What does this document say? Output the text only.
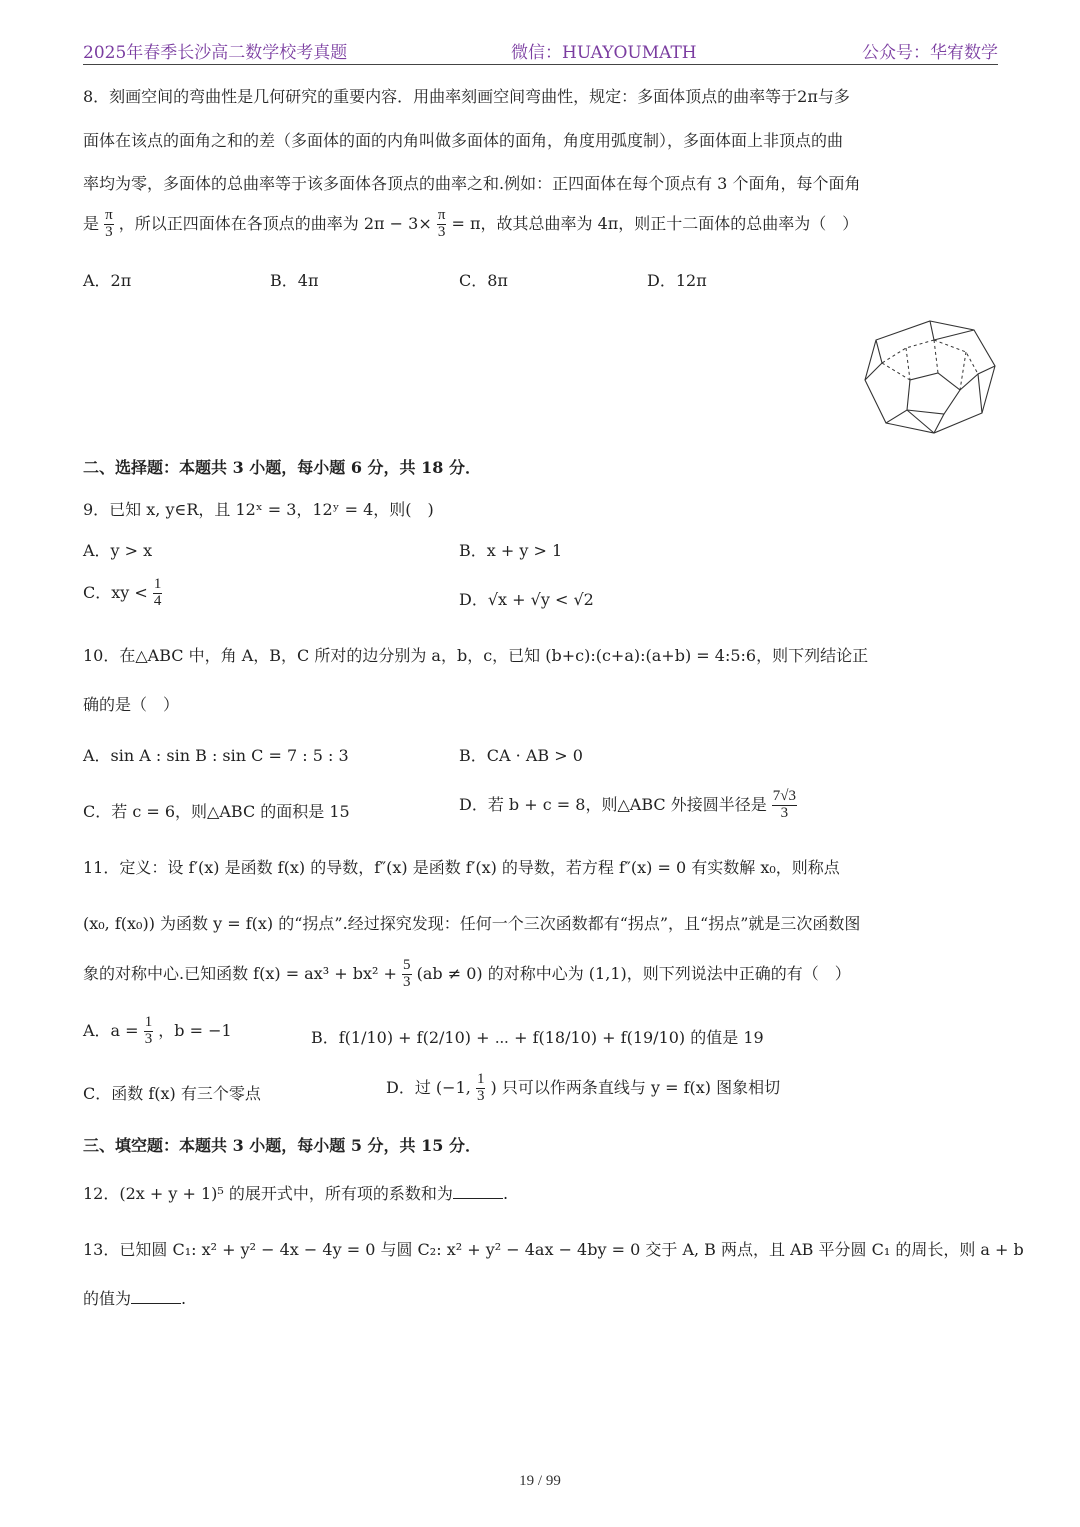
2025年春季长沙高二数学校考真题	微信：HUAYOUMATH	公众号：华宥数学
8．刻画空间的弯曲性是几何研究的重要内容．用曲率刻画空间弯曲性，规定：多面体顶点的曲率等于2π与多
面体在该点的面角之和的差（多面体的面的内角叫做多面体的面角，角度用弧度制），多面体面上非顶点的曲
率均为零，多面体的总曲率等于该多面体各顶点的曲率之和.例如：正四面体在每个顶点有 3 个面角，每个面角
是 $\frac{\pi}{3}$ ，所以正四面体在各顶点的曲率为 $2\pi - 3\times \frac{\pi}{3} = \pi$，故其总曲率为 4π，则正十二面体的总曲率为（　）
A．2π	B．4π	C．8π	D．12π
二、选择题：本题共 3 小题，每小题 6 分，共 18 分．
9．已知 x, y∈R，且 12ˣ = 3，12ʸ = 4，则(　)
A．y > x	B．x + y > 1
C．xy < $\frac{1}{4}$	D．√x + √y < √2
10．在△ABC 中，角 A，B，C 所对的边分别为 a，b，c，已知 (b+c):(c+a):(a+b) = 4:5:6，则下列结论正
确的是（　）
A．sin A : sin B : sin C = 7 : 5 : 3	B．CA · AB > 0
C．若 c = 6，则△ABC 的面积是 15	D．若 b + c = 8，则△ABC 外接圆半径是 $\frac{7√3}{3}$
11．定义：设 f′(x) 是函数 f(x) 的导数，f″(x) 是函数 f′(x) 的导数，若方程 f″(x) = 0 有实数解 x₀，则称点
(x₀, f(x₀)) 为函数 y = f(x) 的“拐点”.经过探究发现：任何一个三次函数都有“拐点”，且“拐点”就是三次函数图
象的对称中心.已知函数 $f(x) = ax^3 + bx^2 + \frac{5}{3} (ab \ne 0)$ 的对称中心为 (1,1)，则下列说法中正确的有（　）
A．$a = \frac{1}{3}$ ，b = −1	B．f(1/10) + f(2/10) + ⋯ + f(18/10) + f(19/10) 的值是 19
C．函数 f(x) 有三个零点	D．过 (−1, $\frac{1}{3}$ ) 只可以作两条直线与 y = f(x) 图象相切
三、填空题：本题共 3 小题，每小题 5 分，共 15 分．
12．(2x + y + 1)⁵ 的展开式中，所有项的系数和为	.
13．已知圆 C₁: x² + y² − 4x − 4y = 0 与圆 C₂: x² + y² − 4ax − 4by = 0 交于 A, B 两点，且 AB 平分圆 C₁ 的周长，则 a + b
的值为	.
19 / 99
